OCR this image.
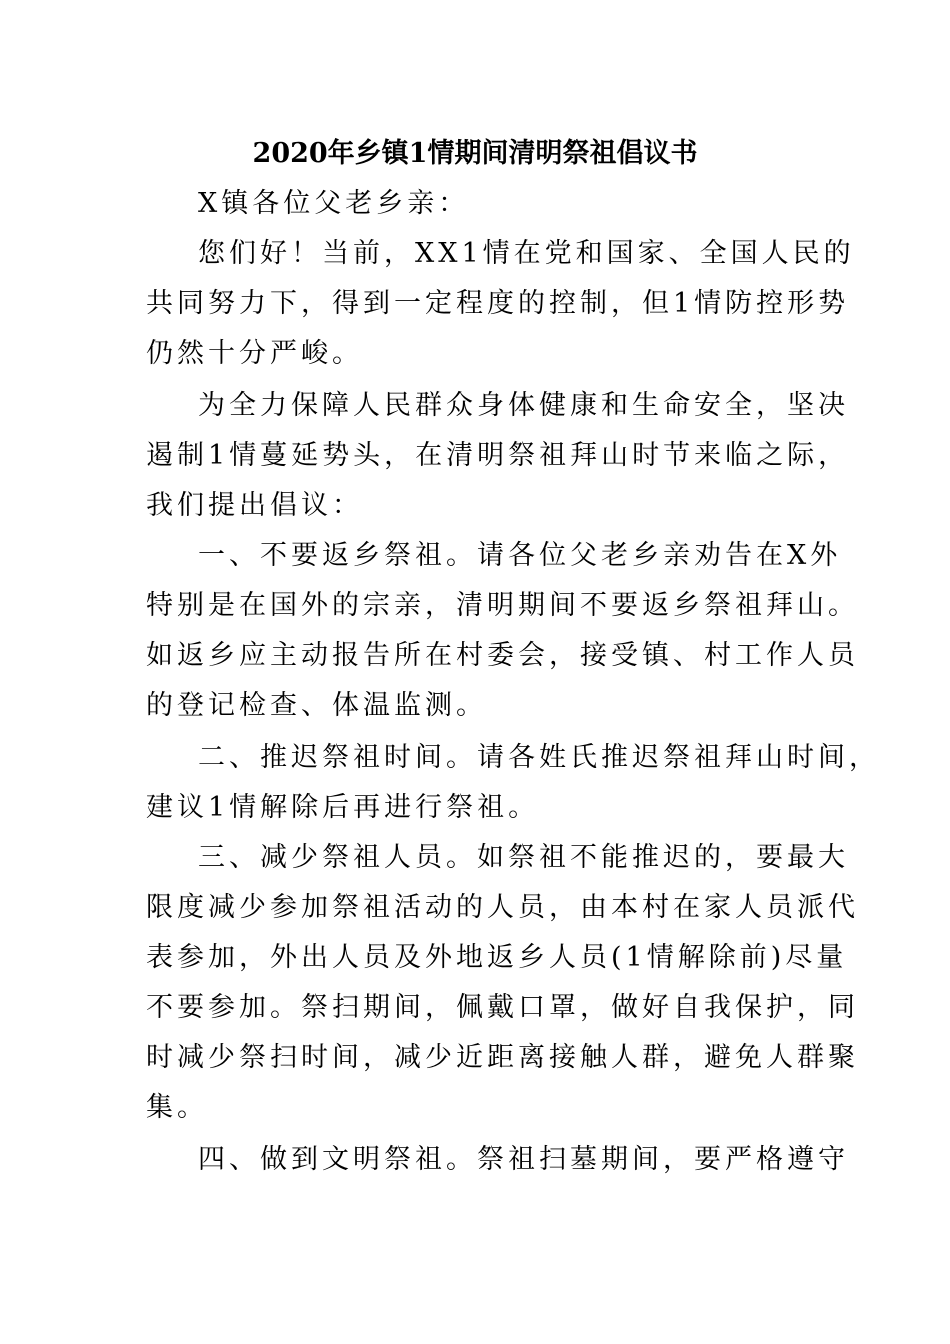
2020年乡镇1情期间清明祭祖倡议书
X镇各位父老乡亲：
您们好！当前，XX1情在党和国家、全国人民的
共同努力下，得到一定程度的控制，但1情防控形势
仍然十分严峻。
为全力保障人民群众身体健康和生命安全，坚决
遏制1情蔓延势头，在清明祭祖拜山时节来临之际，
我们提出倡议：
一、不要返乡祭祖。请各位父老乡亲劝告在X外
特别是在国外的宗亲，清明期间不要返乡祭祖拜山。
如返乡应主动报告所在村委会，接受镇、村工作人员
的登记检查、体温监测。
二、推迟祭祖时间。请各姓氏推迟祭祖拜山时间，
建议1情解除后再进行祭祖。
三、减少祭祖人员。如祭祖不能推迟的，要最大
限度减少参加祭祖活动的人员，由本村在家人员派代
表参加，外出人员及外地返乡人员(1情解除前)尽量
不要参加。祭扫期间，佩戴口罩，做好自我保护，同
时减少祭扫时间，减少近距离接触人群，避免人群聚
集。
四、做到文明祭祖。祭祖扫墓期间，要严格遵守
